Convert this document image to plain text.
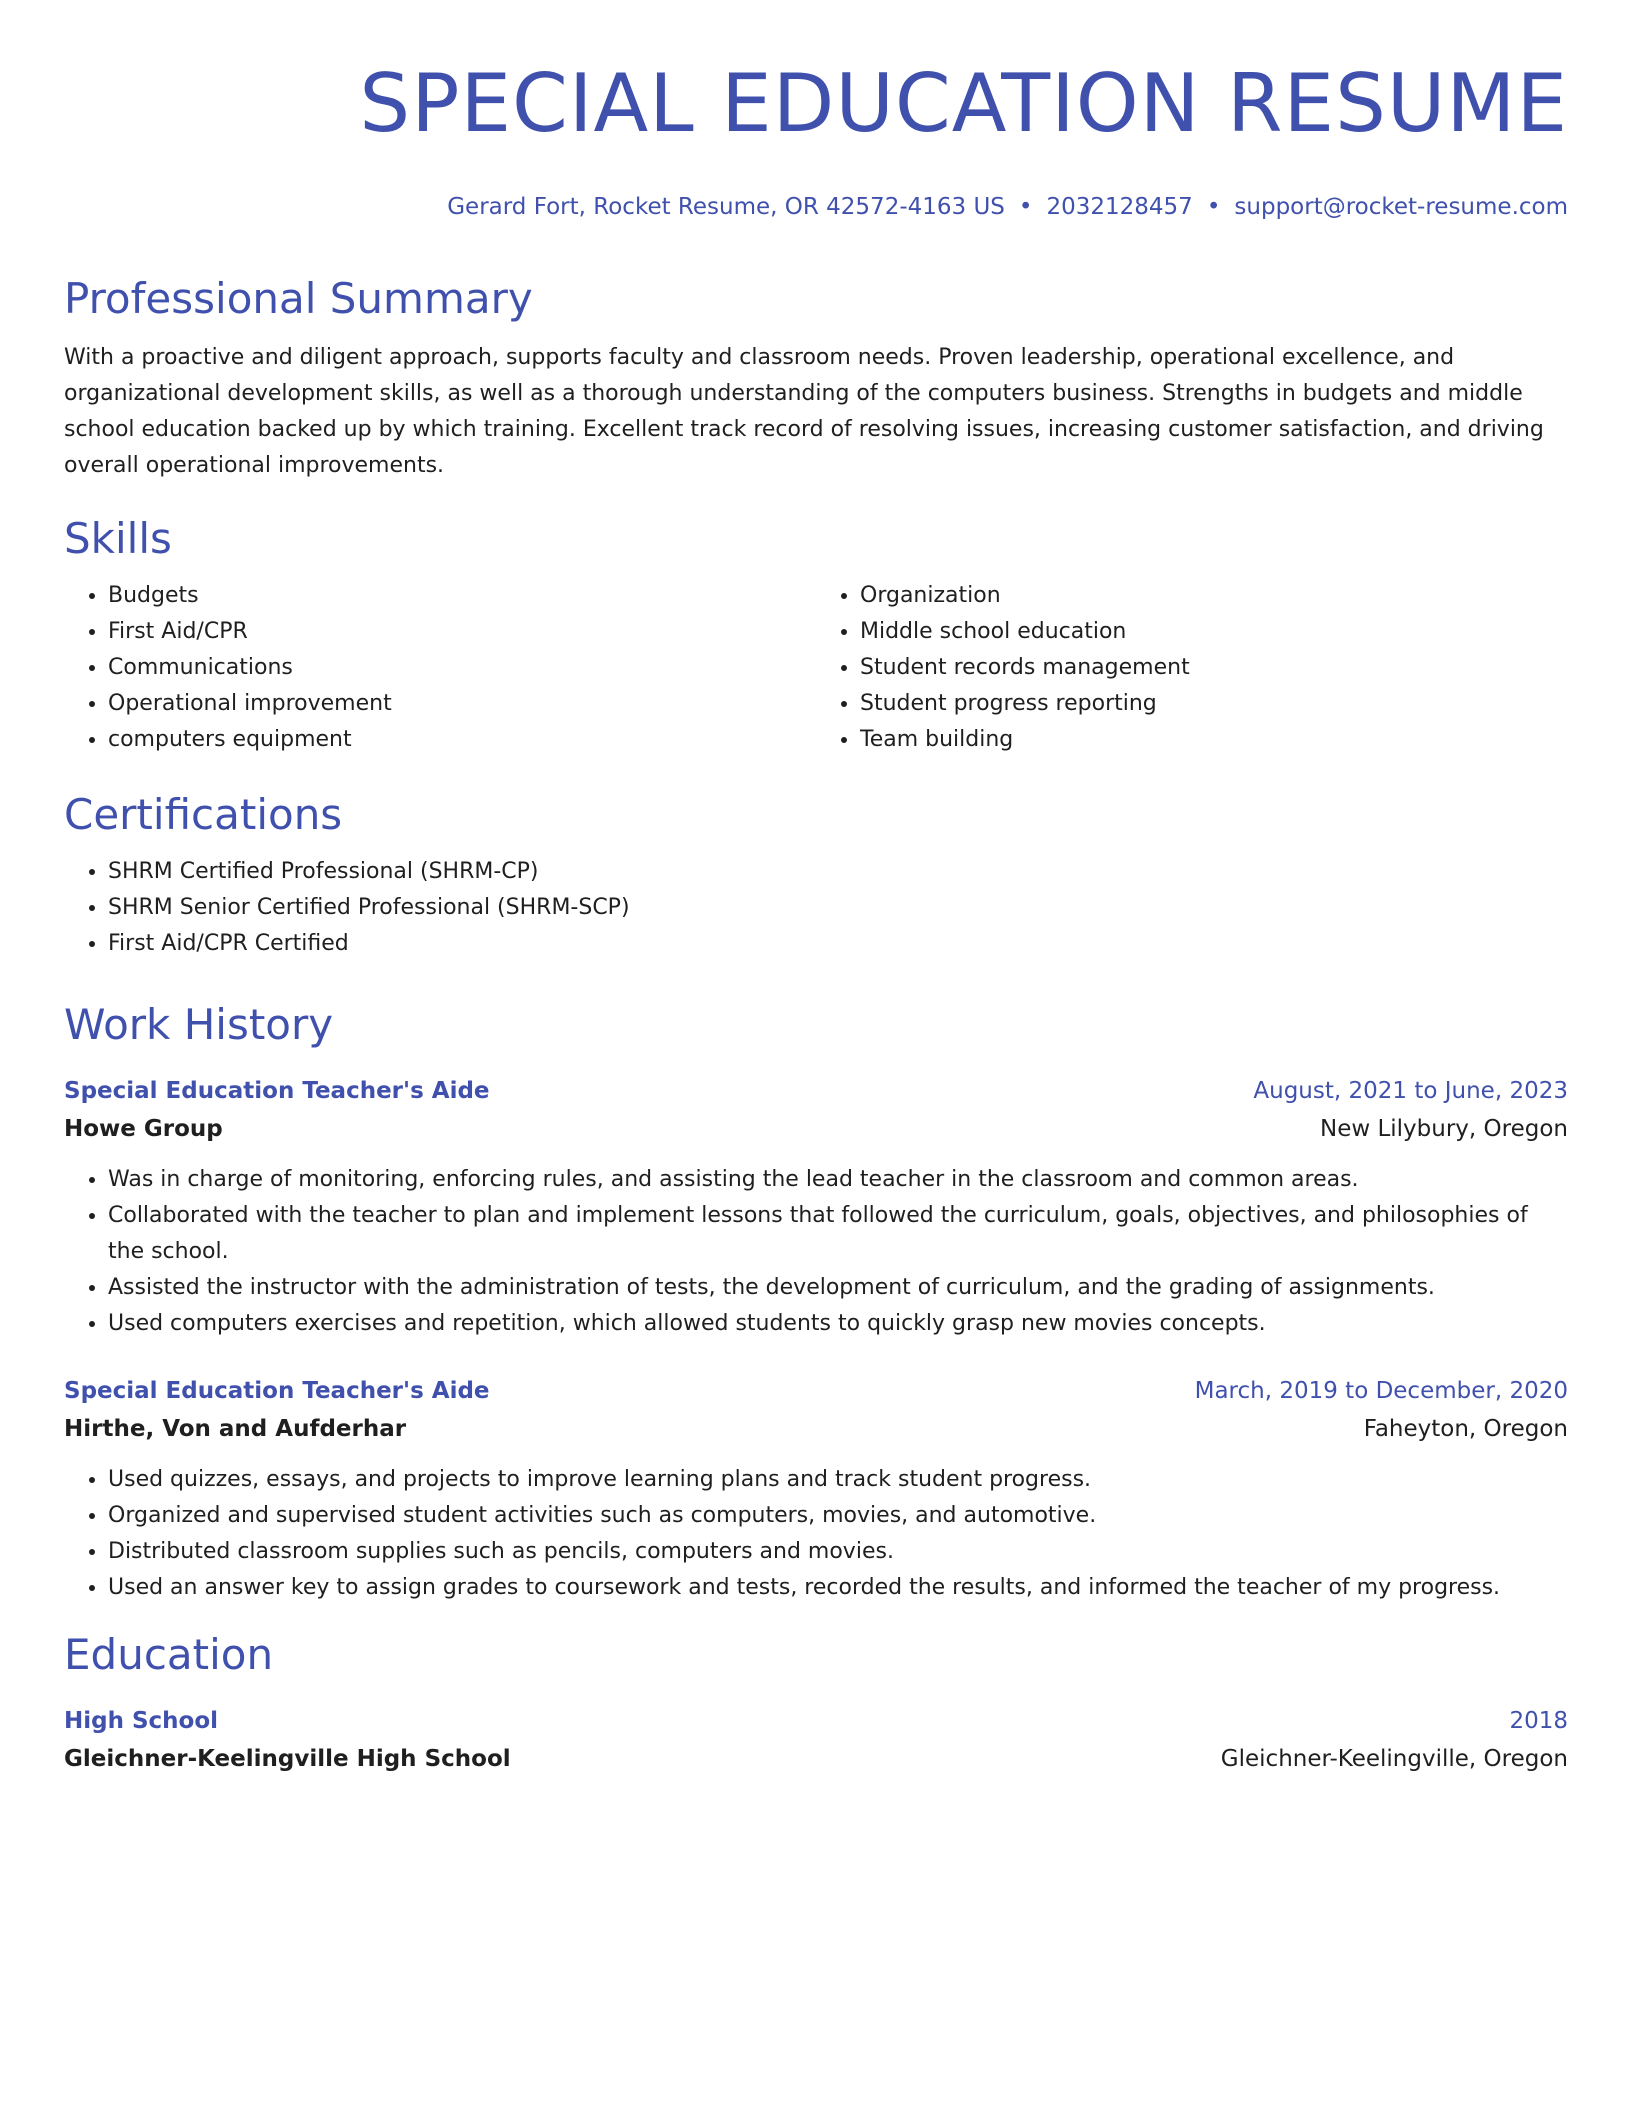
SPECIAL EDUCATION RESUME
Gerard Fort, Rocket Resume, OR 42572-4163 US • 2032128457 • support@rocket-resume.com
Professional Summary

With a proactive and diligent approach, supports faculty and classroom needs. Proven leadership, operational excellence, and organizational development skills, as well as a thorough understanding of the computers business. Strengths in budgets and middle school education backed up by which training. Excellent track record of resolving issues, increasing customer satisfaction, and driving overall operational improvements.

Skills
• Budgets
• First Aid/CPR
• Communications
• Operational improvement
• computers equipment
• Organization
• Middle school education
• Student records management
• Student progress reporting
• Team building
Certifications
• SHRM Certified Professional (SHRM-CP)
• SHRM Senior Certified Professional (SHRM-SCP)
• First Aid/CPR Certified
Work History
Special Education Teacher's Aide	August, 2021 to June, 2023
Howe Group	New Lilybury, Oregon
• Was in charge of monitoring, enforcing rules, and assisting the lead teacher in the classroom and common areas.
• Collaborated with the teacher to plan and implement lessons that followed the curriculum, goals, objectives, and philosophies of the school.
• Assisted the instructor with the administration of tests, the development of curriculum, and the grading of assignments.
• Used computers exercises and repetition, which allowed students to quickly grasp new movies concepts.
Special Education Teacher's Aide	March, 2019 to December, 2020
Hirthe, Von and Aufderhar	Faheyton, Oregon
• Used quizzes, essays, and projects to improve learning plans and track student progress.
• Organized and supervised student activities such as computers, movies, and automotive.
• Distributed classroom supplies such as pencils, computers and movies.
• Used an answer key to assign grades to coursework and tests, recorded the results, and informed the teacher of my progress.
Education
High School	2018
Gleichner-Keelingville High School	Gleichner-Keelingville, Oregon
